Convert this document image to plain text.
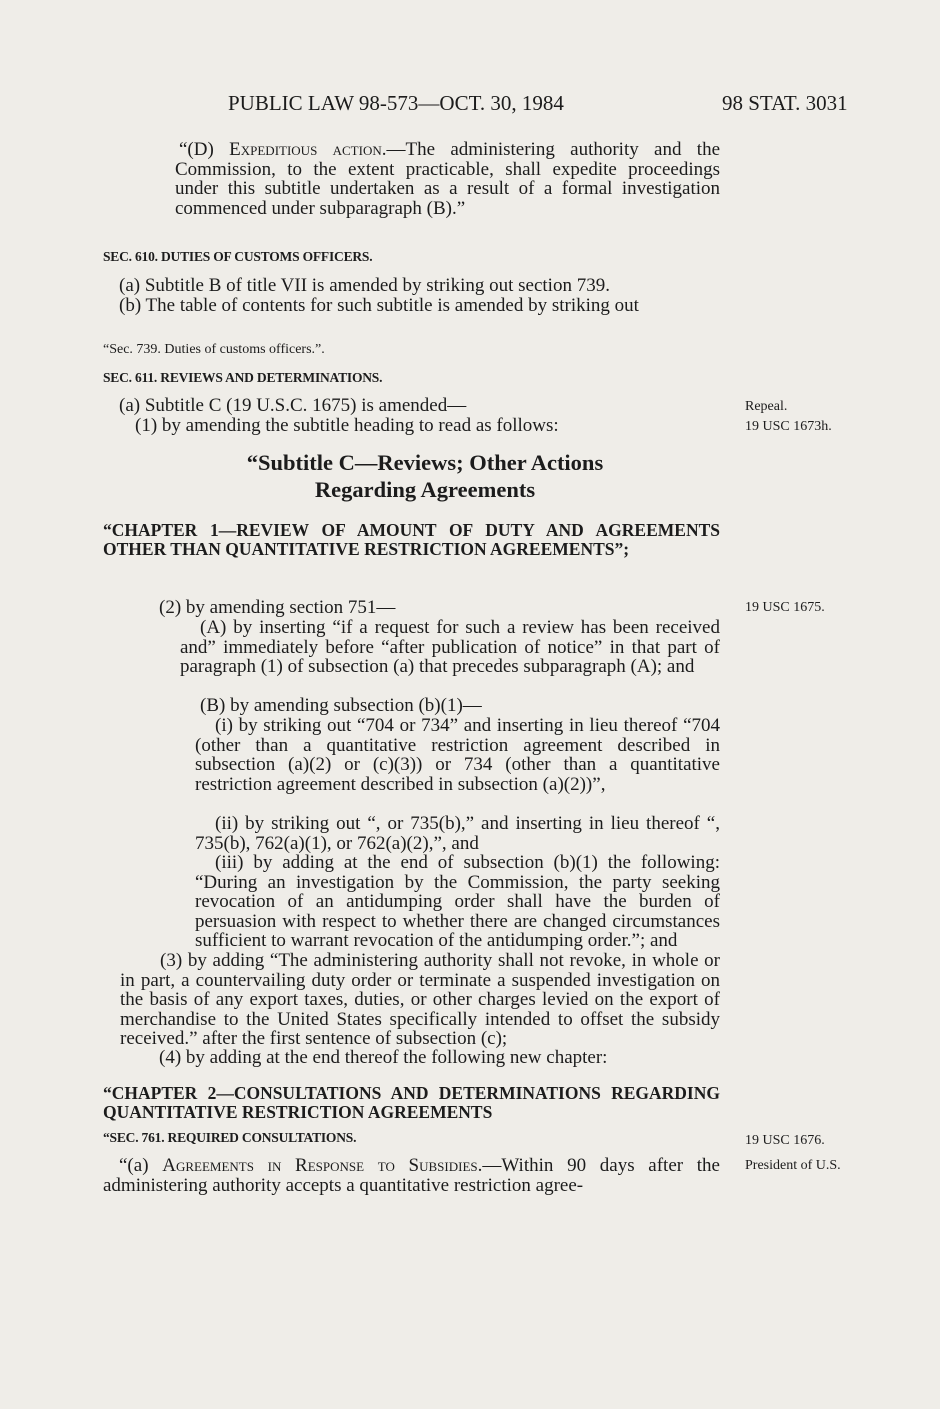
PUBLIC LAW 98-573—OCT. 30, 1984	98 STAT. 3031
“(D) Expeditious action.—The administering authority and the Commission, to the extent practicable, shall expedite proceedings under this subtitle undertaken as a result of a formal investigation commenced under subparagraph (B).”
SEC. 610. DUTIES OF CUSTOMS OFFICERS.
(a) Subtitle B of title VII is amended by striking out section 739.
(b) The table of contents for such subtitle is amended by striking out
“Sec. 739. Duties of customs officers.”.
SEC. 611. REVIEWS AND DETERMINATIONS.
(a) Subtitle C (19 U.S.C. 1675) is amended—
(1) by amending the subtitle heading to read as follows:
“Subtitle C—Reviews; Other Actions Regarding Agreements
“CHAPTER 1—REVIEW OF AMOUNT OF DUTY AND AGREEMENTS OTHER THAN QUANTITATIVE RESTRICTION AGREEMENTS”;
(2) by amending section 751—
(A) by inserting “if a request for such a review has been received and” immediately before “after publication of notice” in that part of paragraph (1) of subsection (a) that precedes subparagraph (A); and
(B) by amending subsection (b)(1)—
(i) by striking out “704 or 734” and inserting in lieu thereof “704 (other than a quantitative restriction agreement described in subsection (a)(2) or (c)(3)) or 734 (other than a quantitative restriction agreement described in subsection (a)(2))”,
(ii) by striking out “, or 735(b),” and inserting in lieu thereof “, 735(b), 762(a)(1), or 762(a)(2),”, and
(iii) by adding at the end of subsection (b)(1) the following: “During an investigation by the Commission, the party seeking revocation of an antidumping order shall have the burden of persuasion with respect to whether there are changed circumstances sufficient to warrant revocation of the antidumping order.”; and
(3) by adding “The administering authority shall not revoke, in whole or in part, a countervailing duty order or terminate a suspended investigation on the basis of any export taxes, duties, or other charges levied on the export of merchandise to the United States specifically intended to offset the subsidy received.” after the first sentence of subsection (c);
(4) by adding at the end thereof the following new chapter:
“CHAPTER 2—CONSULTATIONS AND DETERMINATIONS REGARDING QUANTITATIVE RESTRICTION AGREEMENTS
“SEC. 761. REQUIRED CONSULTATIONS.
“(a) Agreements in Response to Subsidies.—Within 90 days after the administering authority accepts a quantitative restriction agree-
Repeal.
19 USC 1673h.
19 USC 1675.
19 USC 1676.
President of U.S.
